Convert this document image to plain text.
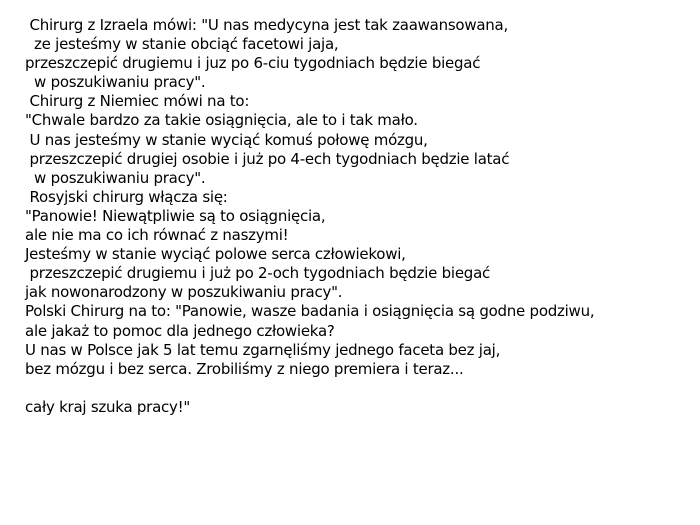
Chirurg z Izraela mówi: "U nas medycyna jest tak zaawansowana,
ze jesteśmy w stanie obciąć facetowi jaja,
przeszczepić drugiemu i juz po 6-ciu tygodniach będzie biegać
w poszukiwaniu pracy".
Chirurg z Niemiec mówi na to:
"Chwale bardzo za takie osiągnięcia, ale to i tak mało.
U nas jesteśmy w stanie wyciąć komuś połowę mózgu,
przeszczepić drugiej osobie i już po 4-ech tygodniach będzie latać
w poszukiwaniu pracy".
Rosyjski chirurg włącza się:
"Panowie! Niewątpliwie są to osiągnięcia,
ale nie ma co ich równać z naszymi!
Jesteśmy w stanie wyciąć polowe serca człowiekowi,
przeszczepić drugiemu i już po 2-och tygodniach będzie biegać
jak nowonarodzony w poszukiwaniu pracy".
Polski Chirurg na to: "Panowie, wasze badania i osiągnięcia są godne podziwu,
ale jakaż to pomoc dla jednego człowieka?
U nas w Polsce jak 5 lat temu zgarnęliśmy jednego faceta bez jaj,
bez mózgu i bez serca. Zrobiliśmy z niego premiera i teraz...
cały kraj szuka pracy!"
